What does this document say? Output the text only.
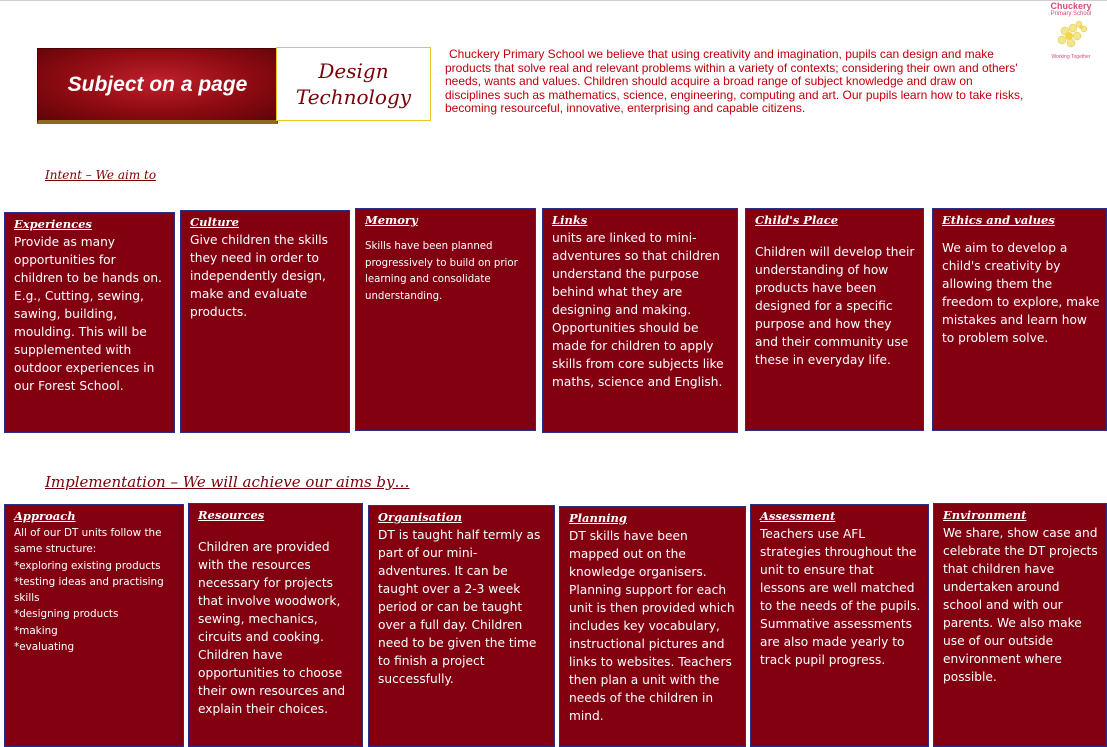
Subject on a page
Design Technology
Chuckery Primary School we believe that using creativity and imagination, pupils can design and make products that solve real and relevant problems within a variety of contexts; considering their own and others' needs, wants and values. Children should acquire a broad range of subject knowledge and draw on disciplines such as mathematics, science, engineering, computing and art. Our pupils learn how to take risks, becoming resourceful, innovative, enterprising and capable citizens.
Chuckery
Primary School
Working Together
Intent – We aim to
Experiences
Provide as many opportunities for children to be hands on. E.g., Cutting, sewing, sawing, building, moulding. This will be supplemented with outdoor experiences in our Forest School.
Culture
Give children the skills they need in order to independently design, make and evaluate products.
Memory
Skills have been planned progressively to build on prior learning and consolidate understanding.
Links
units are linked to mini-adventures so that children understand the purpose behind what they are designing and making. Opportunities should be made for children to apply skills from core subjects like maths, science and English.
Child's Place
Children will develop their understanding of how products have been designed for a specific purpose and how they and their community use these in everyday life.
Ethics and values
We aim to develop a child's creativity by allowing them the freedom to explore, make mistakes and learn how to problem solve.
Implementation – We will achieve our aims by…
Approach
All of our DT units follow the same structure:
*exploring existing products
*testing ideas and practising skills
*designing products
*making
*evaluating
Resources
Children are provided with the resources necessary for projects that involve woodwork, sewing, mechanics, circuits and cooking. Children have opportunities to choose their own resources and explain their choices.
Organisation
DT is taught half termly as part of our mini-adventures. It can be taught over a 2-3 week period or can be taught over a full day. Children need to be given the time to finish a project successfully.
Planning
DT skills have been mapped out on the knowledge organisers. Planning support for each unit is then provided which includes key vocabulary, instructional pictures and links to websites. Teachers then plan a unit with the needs of the children in mind.
Assessment
Teachers use AFL strategies throughout the unit to ensure that lessons are well matched to the needs of the pupils. Summative assessments are also made yearly to track pupil progress.
Environment
We share, show case and celebrate the DT projects that children have undertaken around school and with our parents. We also make use of our outside environment where possible.
